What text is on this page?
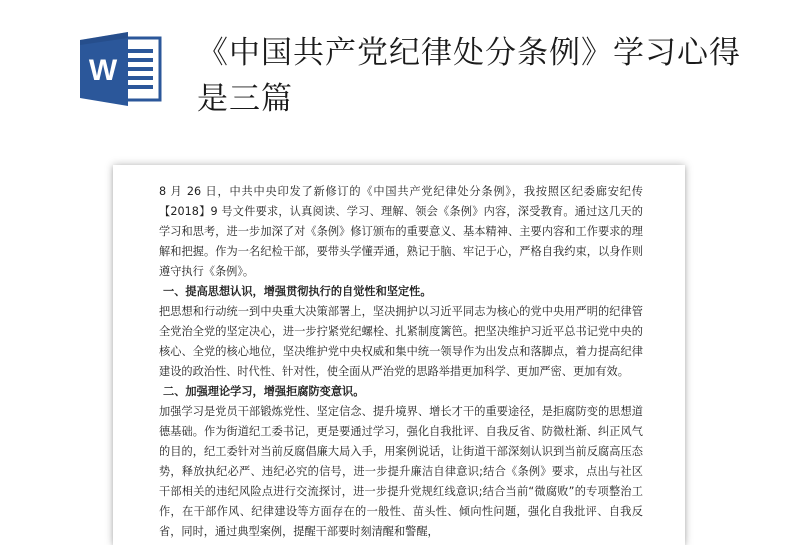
W	《中国共产党纪律处分条例》学习心得是三篇

8 月 26 日，中共中央印发了新修订的《中国共产党纪律处分条例》，我按照区纪委廊安纪传【2018】9 号文件要求，认真阅读、学习、理解、领会《条例》内容，深受教育。通过这几天的学习和思考，进一步加深了对《条例》修订颁布的重要意义、基本精神、主要内容和工作要求的理解和把握。作为一名纪检干部，要带头学懂弄通，熟记于脑、牢记于心，严格自我约束，以身作则遵守执行《条例》。

一、提高思想认识，增强贯彻执行的自觉性和坚定性。

把思想和行动统一到中央重大决策部署上，坚决拥护以习近平同志为核心的党中央用严明的纪律管全党治全党的坚定决心，进一步拧紧党纪螺栓、扎紧制度篱笆。把坚决维护习近平总书记党中央的核心、全党的核心地位，坚决维护党中央权威和集中统一领导作为出发点和落脚点，着力提高纪律建设的政治性、时代性、针对性，使全面从严治党的思路举措更加科学、更加严密、更加有效。

二、加强理论学习，增强拒腐防变意识。

加强学习是党员干部锻炼党性、坚定信念、提升境界、增长才干的重要途径，是拒腐防变的思想道德基础。作为街道纪工委书记，更是要通过学习，强化自我批评、自我反省、防微杜渐、纠正风气的目的，纪工委针对当前反腐倡廉大局入手，用案例说话，让街道干部深刻认识到当前反腐高压态势，释放执纪必严、违纪必究的信号，进一步提升廉洁自律意识;结合《条例》要求，点出与社区干部相关的违纪风险点进行交流探讨，进一步提升党规红线意识;结合当前“微腐败”的专项整治工作，在干部作风、纪律建设等方面存在的一般性、苗头性、倾向性问题，强化自我批评、自我反省，同时，通过典型案例，提醒干部要时刻清醒和警醒，
